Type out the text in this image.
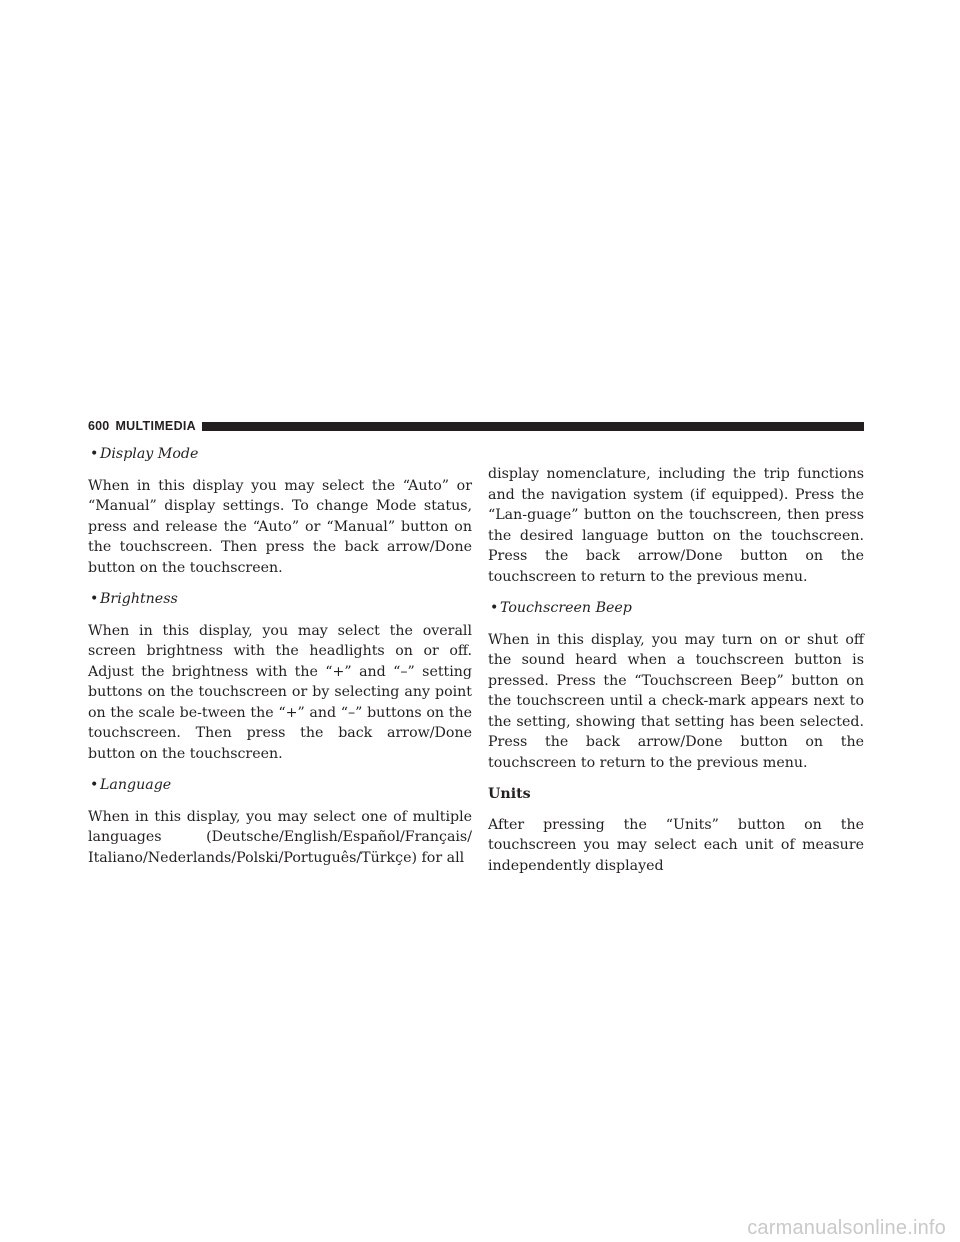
600 MULTIMEDIA
• Display Mode

When in this display you may select the “Auto” or “Manual” display settings. To change Mode status, press and release the “Auto” or “Manual” button on the touchscreen. Then press the back arrow/Done button on the touchscreen.

• Brightness

When in this display, you may select the overall screen brightness with the headlights on or off. Adjust the brightness with the “+” and “–” setting buttons on the touchscreen or by selecting any point on the scale be-tween the “+” and “–” buttons on the touchscreen. Then press the back arrow/Done button on the touchscreen.

• Language

When in this display, you may select one of multiple languages (Deutsche/English/Español/Français/ Italiano/Nederlands/Polski/Português/Türkçe) for all

display nomenclature, including the trip functions and the navigation system (if equipped). Press the “Lan-guage” button on the touchscreen, then press the desired language button on the touchscreen. Press the back arrow/Done button on the touchscreen to return to the previous menu.

• Touchscreen Beep

When in this display, you may turn on or shut off the sound heard when a touchscreen button is pressed. Press the “Touchscreen Beep” button on the touchscreen until a check-mark appears next to the setting, showing that setting has been selected. Press the back arrow/Done button on the touchscreen to return to the previous menu.

Units

After pressing the “Units” button on the touchscreen you may select each unit of measure independently displayed

carmanualsonline.info
